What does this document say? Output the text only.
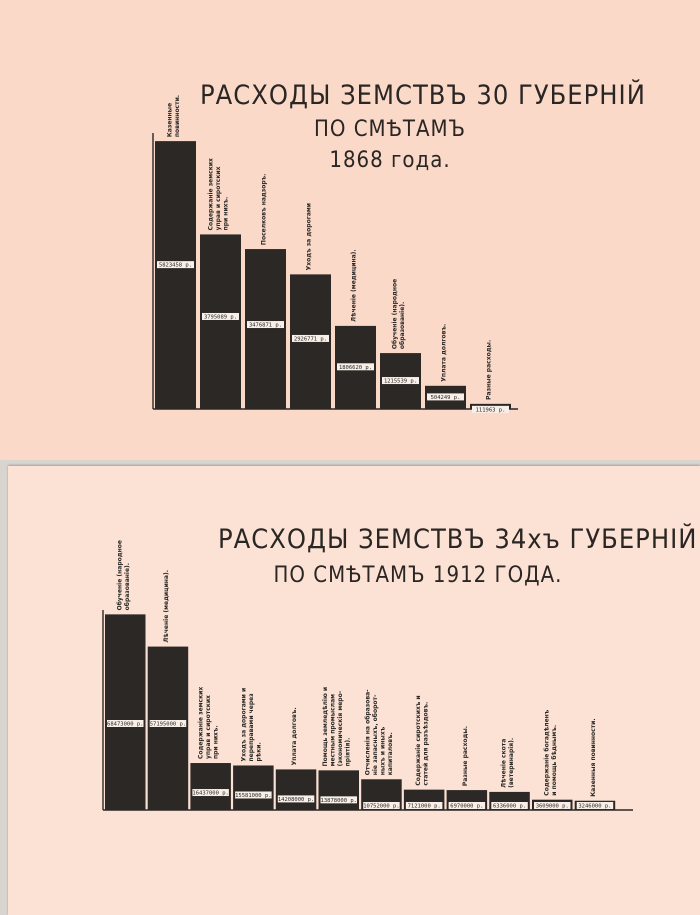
РАСХОДЫ ЗЕМСТВЪ 30 ГУБЕРНІЙ
ПО СМѢТАМЪ
1868 года.
5823458 р.
Казенные повинности.
3795089 р.
Содержаніе земских управ и сиротских при нихъ.
3476871 р.
Поселковъ надзоръ.
2926771 р.
Уходъ за дорогами
1806620 р.
Лѣченіе (медицина).
1215539 р.
Обученіе (народное образованіе).
504249 р.
Уплата долговъ.
111963 р.
Разные расходы.
РАСХОДЫ ЗЕМСТВЪ 34хъ ГУБЕРНІЙ
ПО СМѢТАМЪ 1912 ГОДА.
68473000 р.
Обученіе (народное образованіе).
57195000 р.
Лѣченіе (медицина).
16437000 р.
Содержаніе земских управ и сиротских при нихъ.
15581000 р.
Уходъ за дорогами и переправами через рѣки.
14208000 р.
Уплата долговъ.
13878000 р.
Помощь земледѣлію и местным промыслам (экономическія меро- пріятія).
10752000 р.
Отчисленія на образова- ніе запасныхъ, оборот- ныхъ и иныхъ капиталовъ.
7121000 р.
Содержаніе сиротскихъ и статей для разъѣздовъ.
6970000 р.
Разные расходы.
6336000 р.
Лѣченіе скота (ветеринарія).
3609000 р.
Содержаніе богадѣленъ и помощь бѣднымъ.
3246000 р.
Казенныя повинности.
